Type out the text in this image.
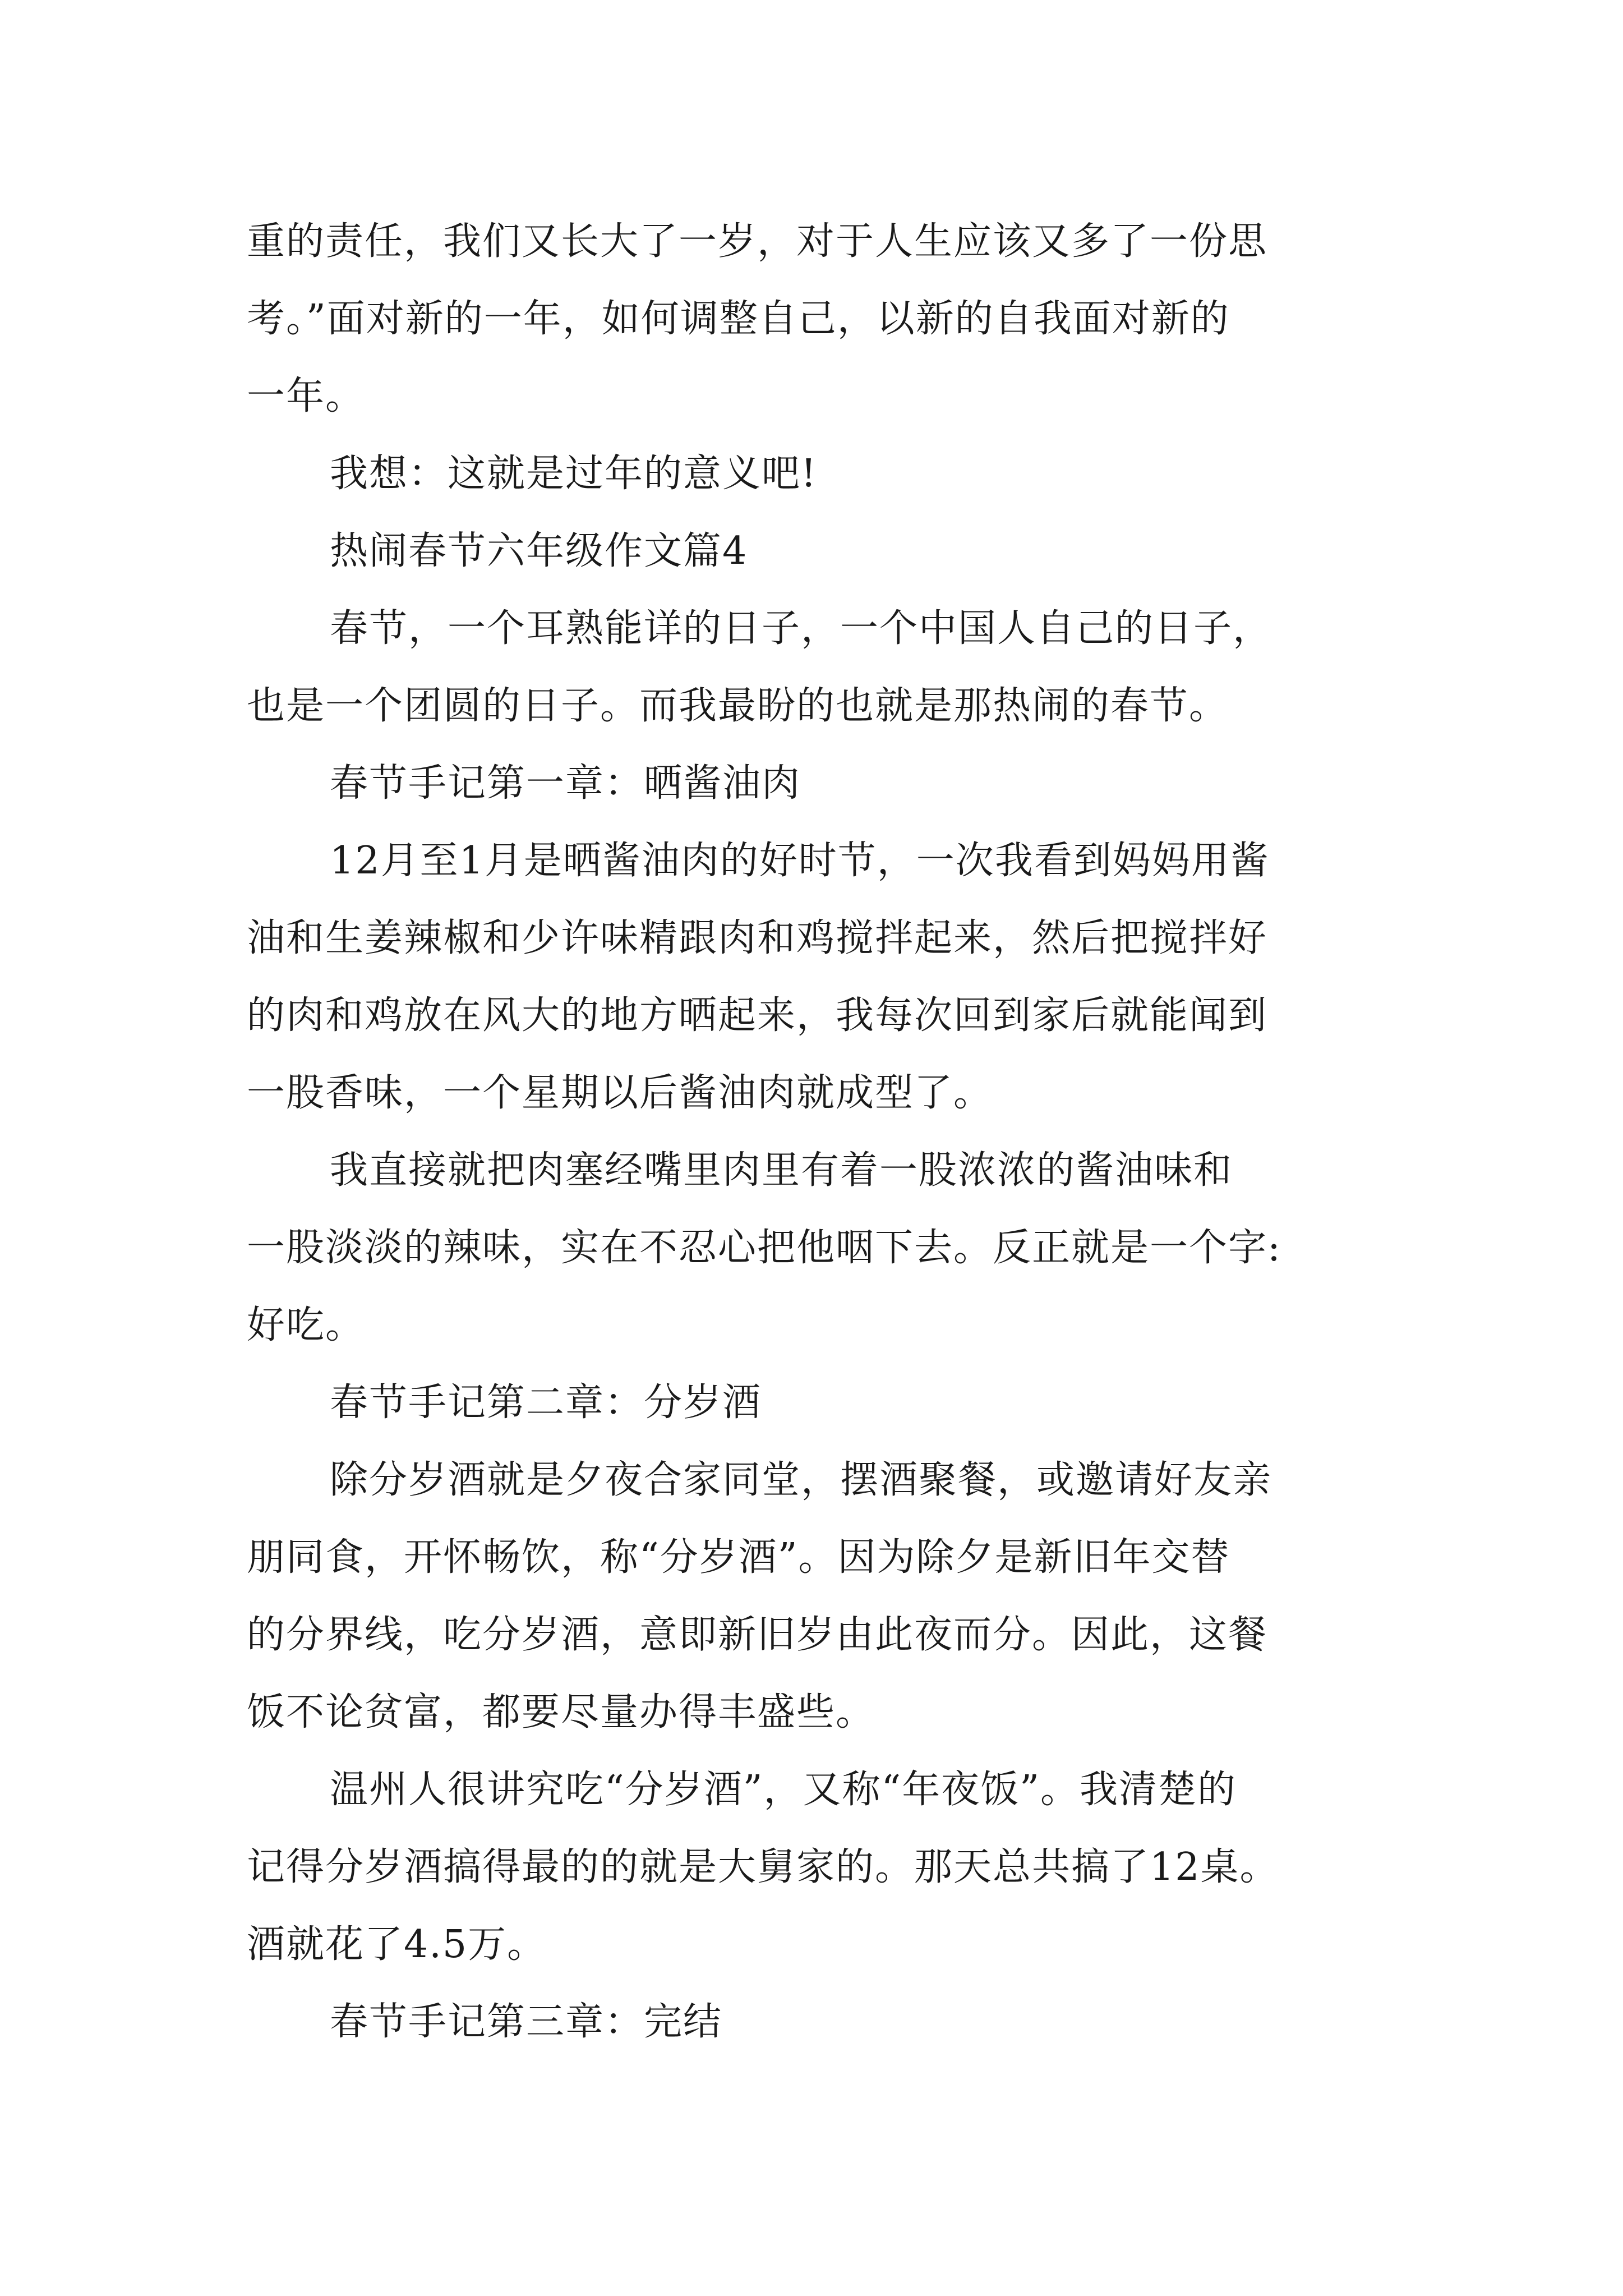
重的责任，我们又长大了一岁，对于人生应该又多了一份思
考。”面对新的一年，如何调整自己，以新的自我面对新的
一年。
我想：这就是过年的意义吧!
热闹春节六年级作文篇4
春节，一个耳熟能详的日子，一个中国人自己的日子，
也是一个团圆的日子。而我最盼的也就是那热闹的春节。
春节手记第一章：晒酱油肉
12月至1月是晒酱油肉的好时节，一次我看到妈妈用酱
油和生姜辣椒和少许味精跟肉和鸡搅拌起来，然后把搅拌好
的肉和鸡放在风大的地方晒起来，我每次回到家后就能闻到
一股香味，一个星期以后酱油肉就成型了。
我直接就把肉塞经嘴里肉里有着一股浓浓的酱油味和
一股淡淡的辣味，实在不忍心把他咽下去。反正就是一个字:
好吃。
春节手记第二章：分岁酒
除分岁酒就是夕夜合家同堂，摆酒聚餐，或邀请好友亲
朋同食，开怀畅饮，称“分岁酒”。因为除夕是新旧年交替
的分界线，吃分岁酒，意即新旧岁由此夜而分。因此，这餐
饭不论贫富，都要尽量办得丰盛些。
温州人很讲究吃“分岁酒”，又称“年夜饭”。我清楚的
记得分岁酒搞得最的的就是大舅家的。那天总共搞了12桌。
酒就花了4.5万。
春节手记第三章：完结
